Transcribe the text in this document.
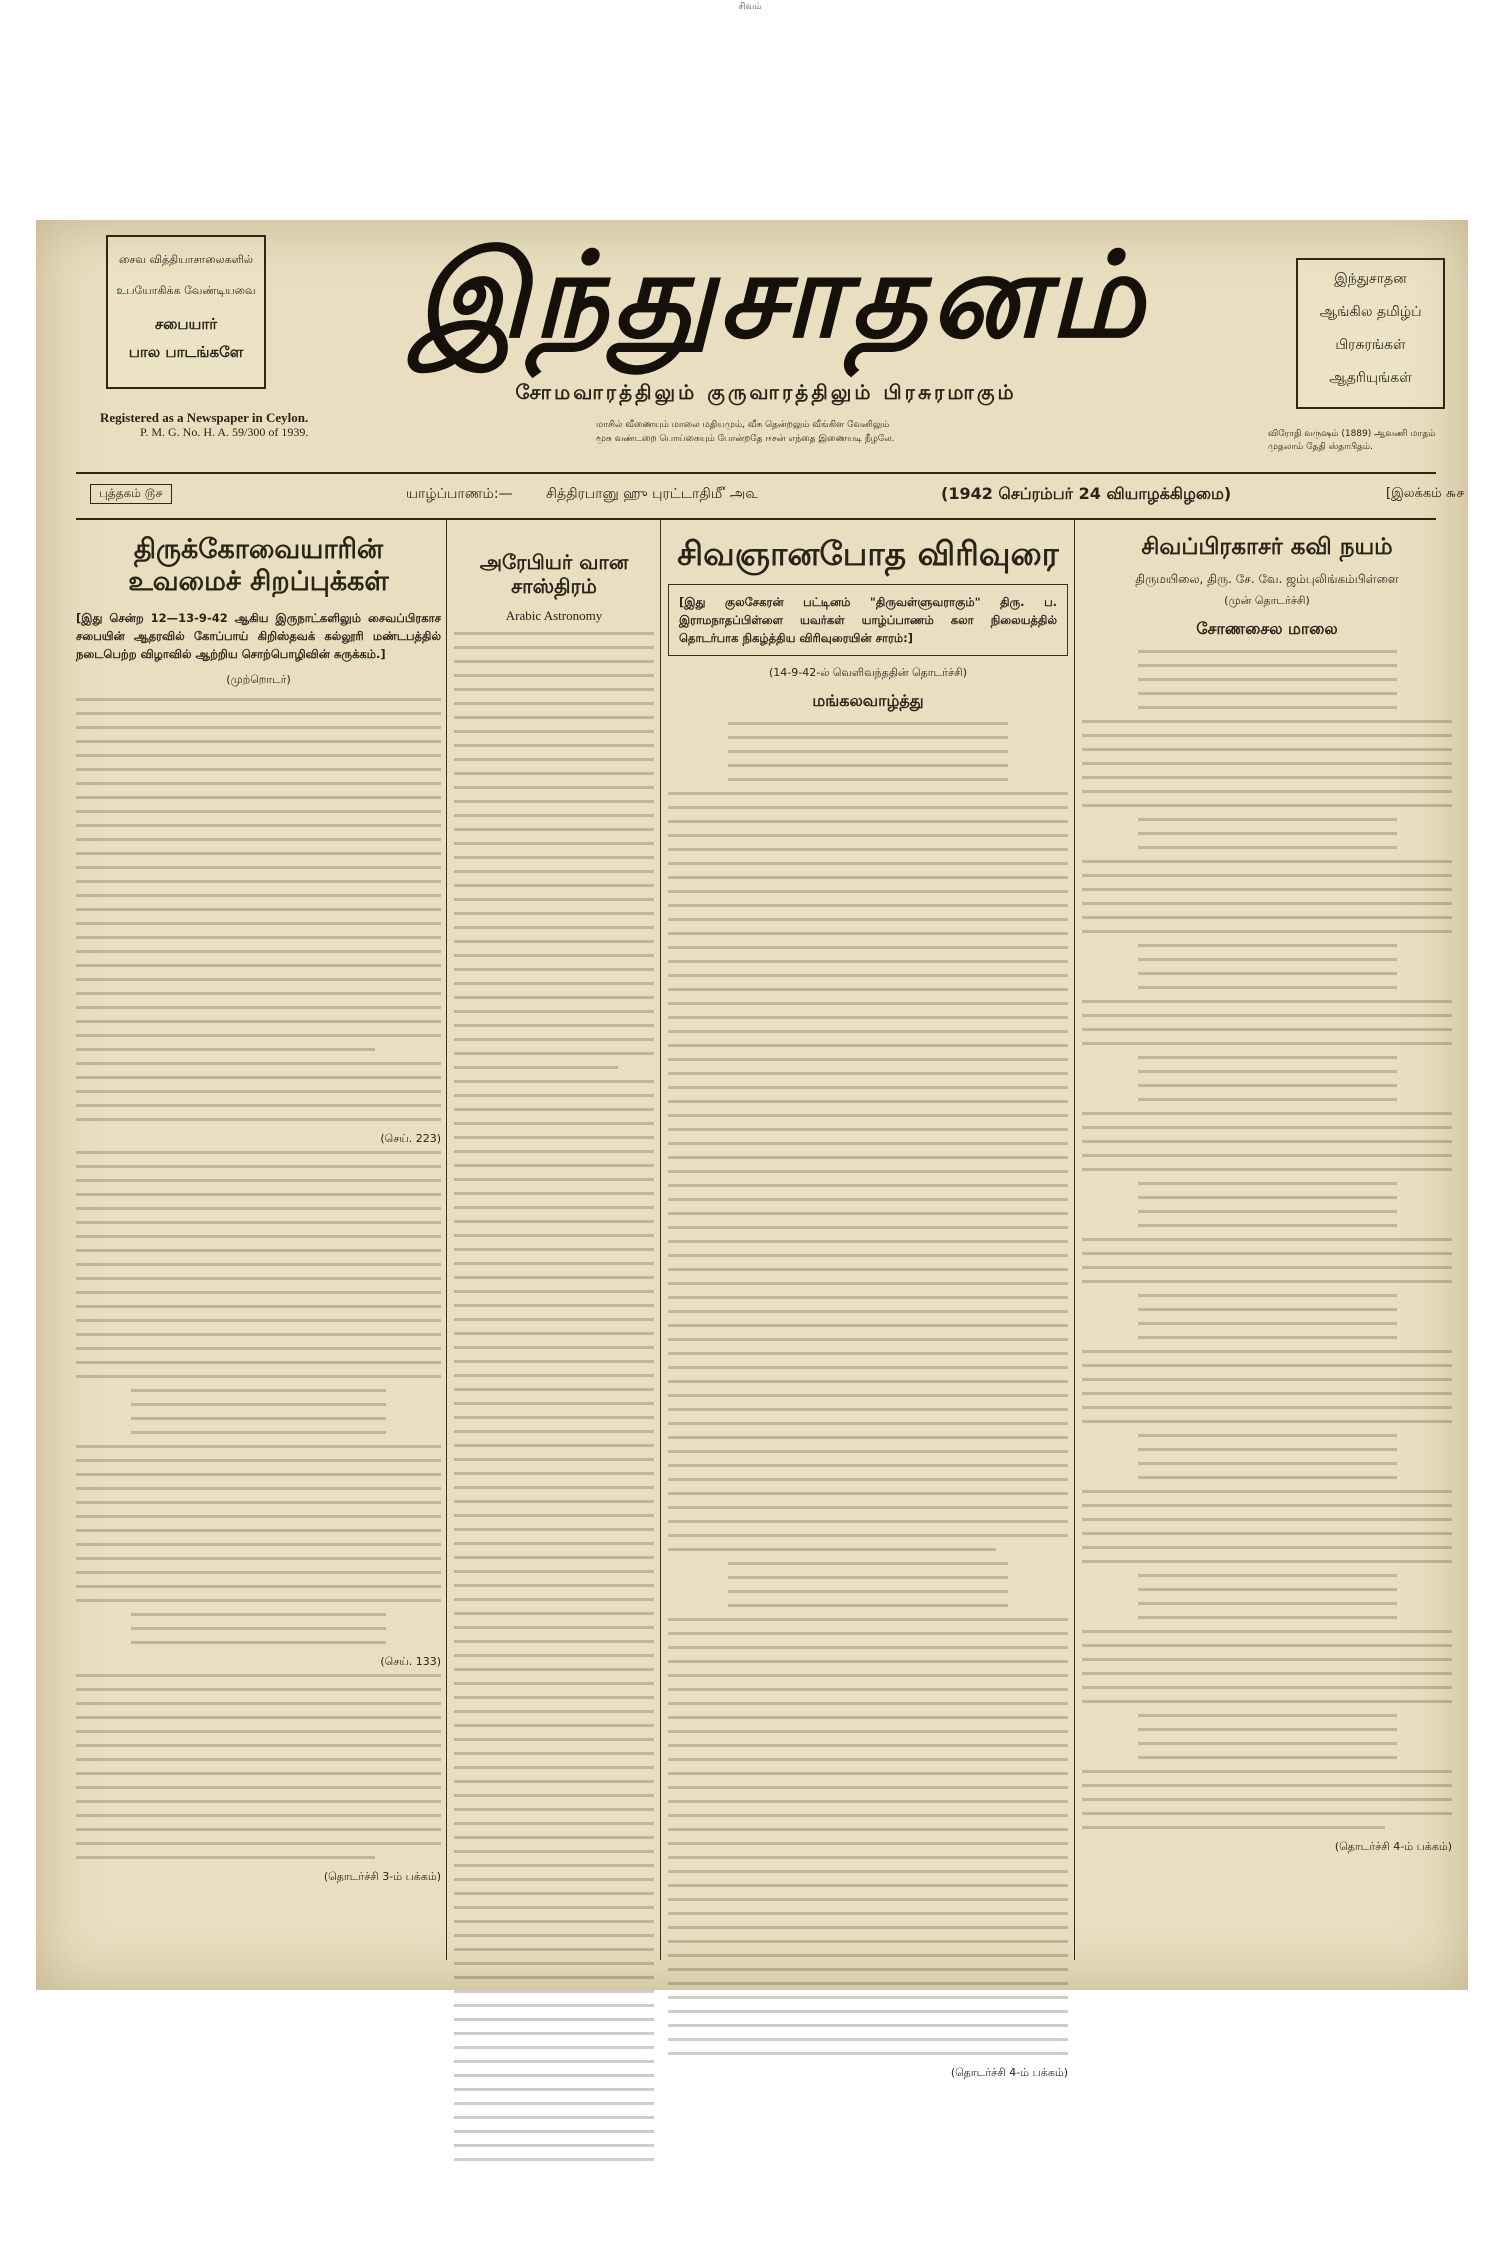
சிவம்
சைவ வித்தியாசாலைகளில்
உபயோகிக்க வேண்டியவை
சபையார்
பால பாடங்களே	இந்துசாதனம்	இந்துசாதன
ஆங்கில தமிழ்ப்
பிரசுரங்கள்
ஆதரியுங்கள்
சோமவாரத்திலும் குருவாரத்திலும் பிரசுரமாகும்
Registered as a Newspaper in Ceylon.
P. M. G. No. H. A. 59/300 of 1939.	மாசில் வீணையும் மாலை மதியமும், வீசு தென்றலும் வீங்கிள வேனிலும்
மூசு வண்டறை பொய்கையும் போன்றதே ஈசன் எந்தை இணையடி நீழலே.	விரோதி வருஷம் (1889) ஆவணி மாதம்
முதலாம் தேதி ஸ்தாபிதம்.
புத்தகம் ௫௪	யாழ்ப்பாணம்:— சித்திரபானு ஹு புரட்டாதி௴ அ௳	(1942 செப்ரம்பர் 24 வியாழக்கிழமை)	[இலக்கம் ௬௪
திருக்கோவையாரின் உவமைச் சிறப்புக்கள்

[இது சென்ற 12—13-9-42 ஆகிய இருநாட்களிலும் சைவப்பிரகாச சபையின் ஆதரவில் கோப்பாய் கிறிஸ்தவக் கல்லூரி மண்டபத்தில் நடைபெற்ற விழாவில் ஆற்றிய சொற்பொழிவின் சுருக்கம்.]

(முற்றொடர்)
(செய். 223)
(செய். 133)
(தொடர்ச்சி 3-ம் பக்கம்)
அரேபியர் வான சாஸ்திரம்
Arabic Astronomy
சிவஞானபோத விரிவுரை

[இது குலசேகரன் பட்டினம் "திருவள்ளுவராகும்" திரு. ப. இராமநாதப்பிள்ளை யவர்கள் யாழ்ப்பாணம் கலா நிலையத்தில் தொடர்பாக நிகழ்த்திய விரிவுரையின் சாரம்:]

(14-9-42-ல் வெளிவந்ததின் தொடர்ச்சி)
மங்கலவாழ்த்து
(தொடர்ச்சி 4-ம் பக்கம்)
சிவப்பிரகாசர் கவி நயம்
திருமயிலை, திரு. சே. வே. ஜம்புலிங்கம்பிள்ளை
(முன் தொடர்ச்சி)
சோணசைல மாலை
(தொடர்ச்சி 4-ம் பக்கம்)
